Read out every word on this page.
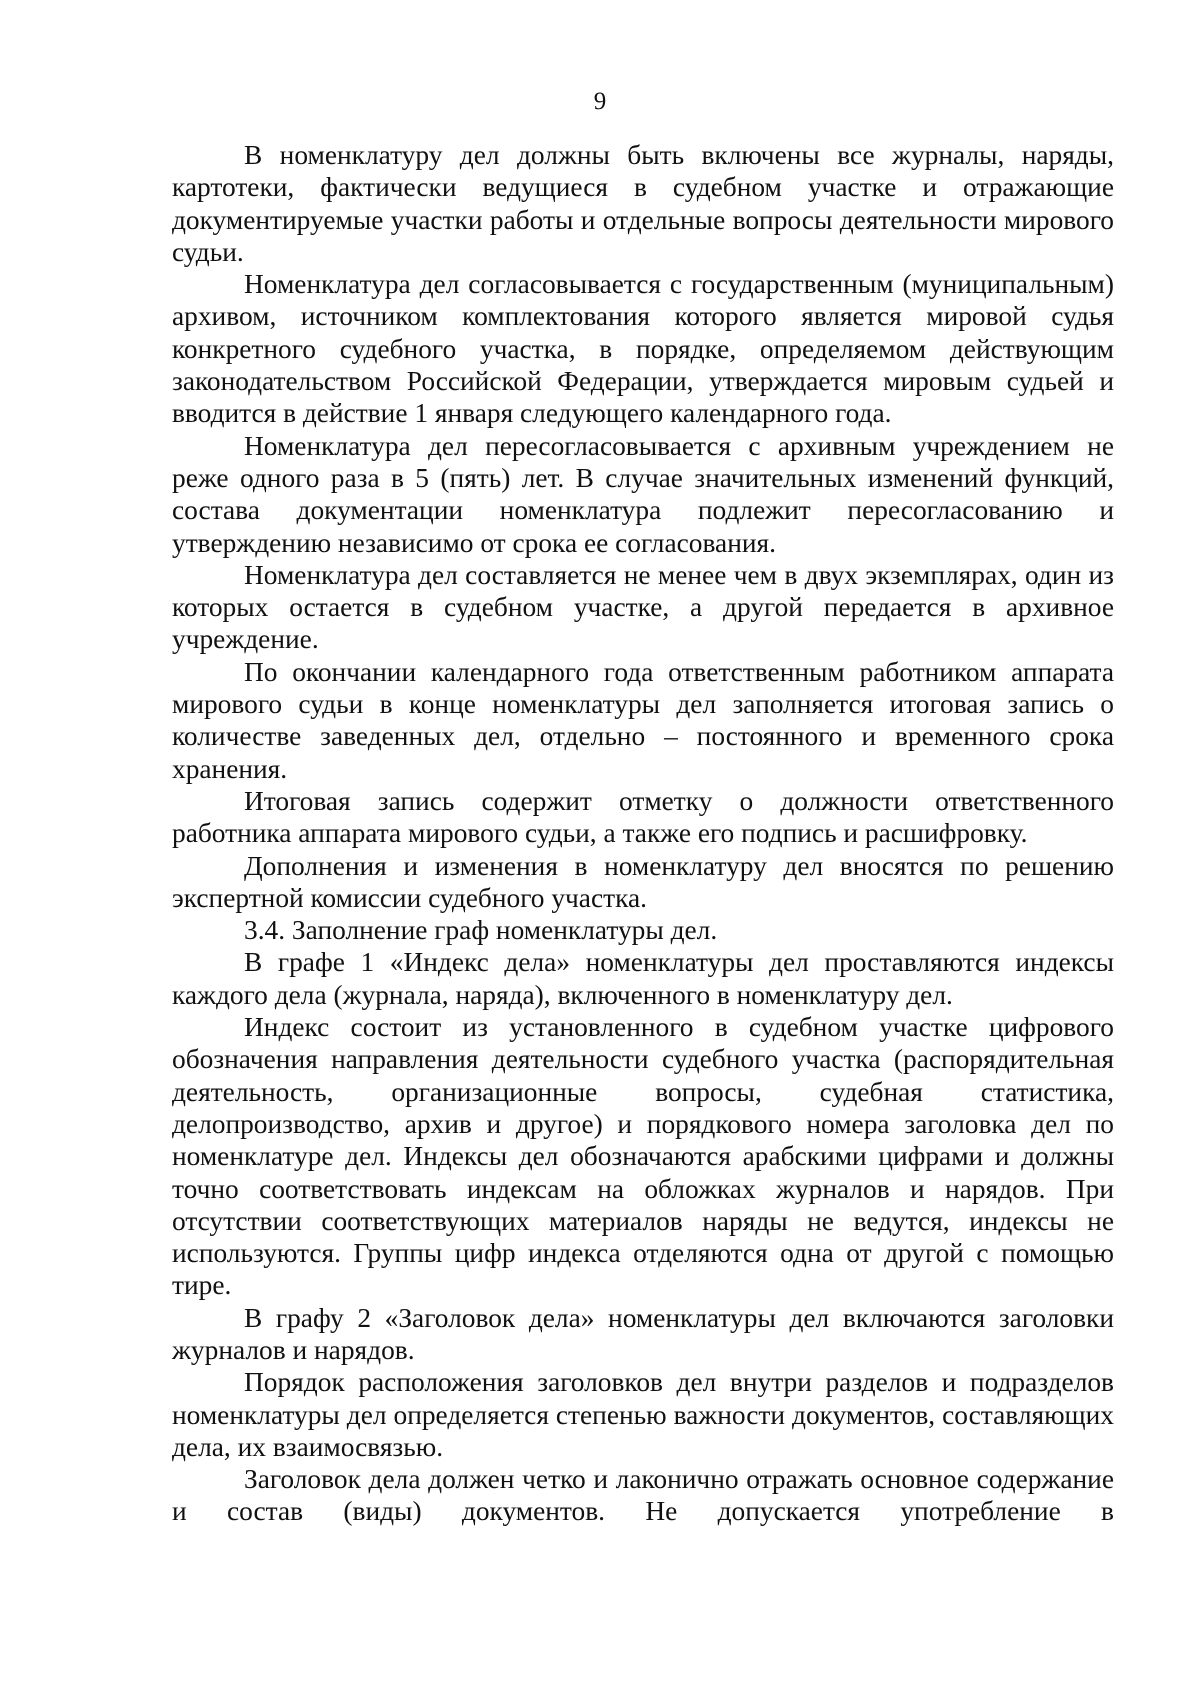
9

В номенклатуру дел должны быть включены все журналы, наряды, картотеки, фактически ведущиеся в судебном участке и отражающие документируемые участки работы и отдельные вопросы деятельности мирового судьи.

Номенклатура дел согласовывается с государственным (муниципальным) архивом, источником комплектования которого является мировой судья конкретного судебного участка, в порядке, определяемом действующим законодательством Российской Федерации, утверждается мировым судьей и вводится в действие 1 января следующего календарного года.

Номенклатура дел пересогласовывается с архивным учреждением не реже одного раза в 5 (пять) лет. В случае значительных изменений функций, состава документации номенклатура подлежит пересогласованию и утверждению независимо от срока ее согласования.

Номенклатура дел составляется не менее чем в двух экземплярах, один из которых остается в судебном участке, а другой передается в архивное учреждение.

По окончании календарного года ответственным работником аппарата мирового судьи в конце номенклатуры дел заполняется итоговая запись о количестве заведенных дел, отдельно – постоянного и временного срока хранения.

Итоговая запись содержит отметку о должности ответственного работника аппарата мирового судьи, а также его подпись и расшифровку.

Дополнения и изменения в номенклатуру дел вносятся по решению экспертной комиссии судебного участка.

3.4. Заполнение граф номенклатуры дел.

В графе 1 «Индекс дела» номенклатуры дел проставляются индексы каждого дела (журнала, наряда), включенного в номенклатуру дел.

Индекс состоит из установленного в судебном участке цифрового обозначения направления деятельности судебного участка (распорядительная деятельность, организационные вопросы, судебная статистика, делопроизводство, архив и другое) и порядкового номера заголовка дел по номенклатуре дел. Индексы дел обозначаются арабскими цифрами и должны точно соответствовать индексам на обложках журналов и нарядов. При отсутствии соответствующих материалов наряды не ведутся, индексы не используются. Группы цифр индекса отделяются одна от другой с помощью тире.

В графу 2 «Заголовок дела» номенклатуры дел включаются заголовки журналов и нарядов.

Порядок расположения заголовков дел внутри разделов и подразделов номенклатуры дел определяется степенью важности документов, составляющих дела, их взаимосвязью.

Заголовок дела должен четко и лаконично отражать основное содержание и состав (виды) документов. Не допускается употребление в
